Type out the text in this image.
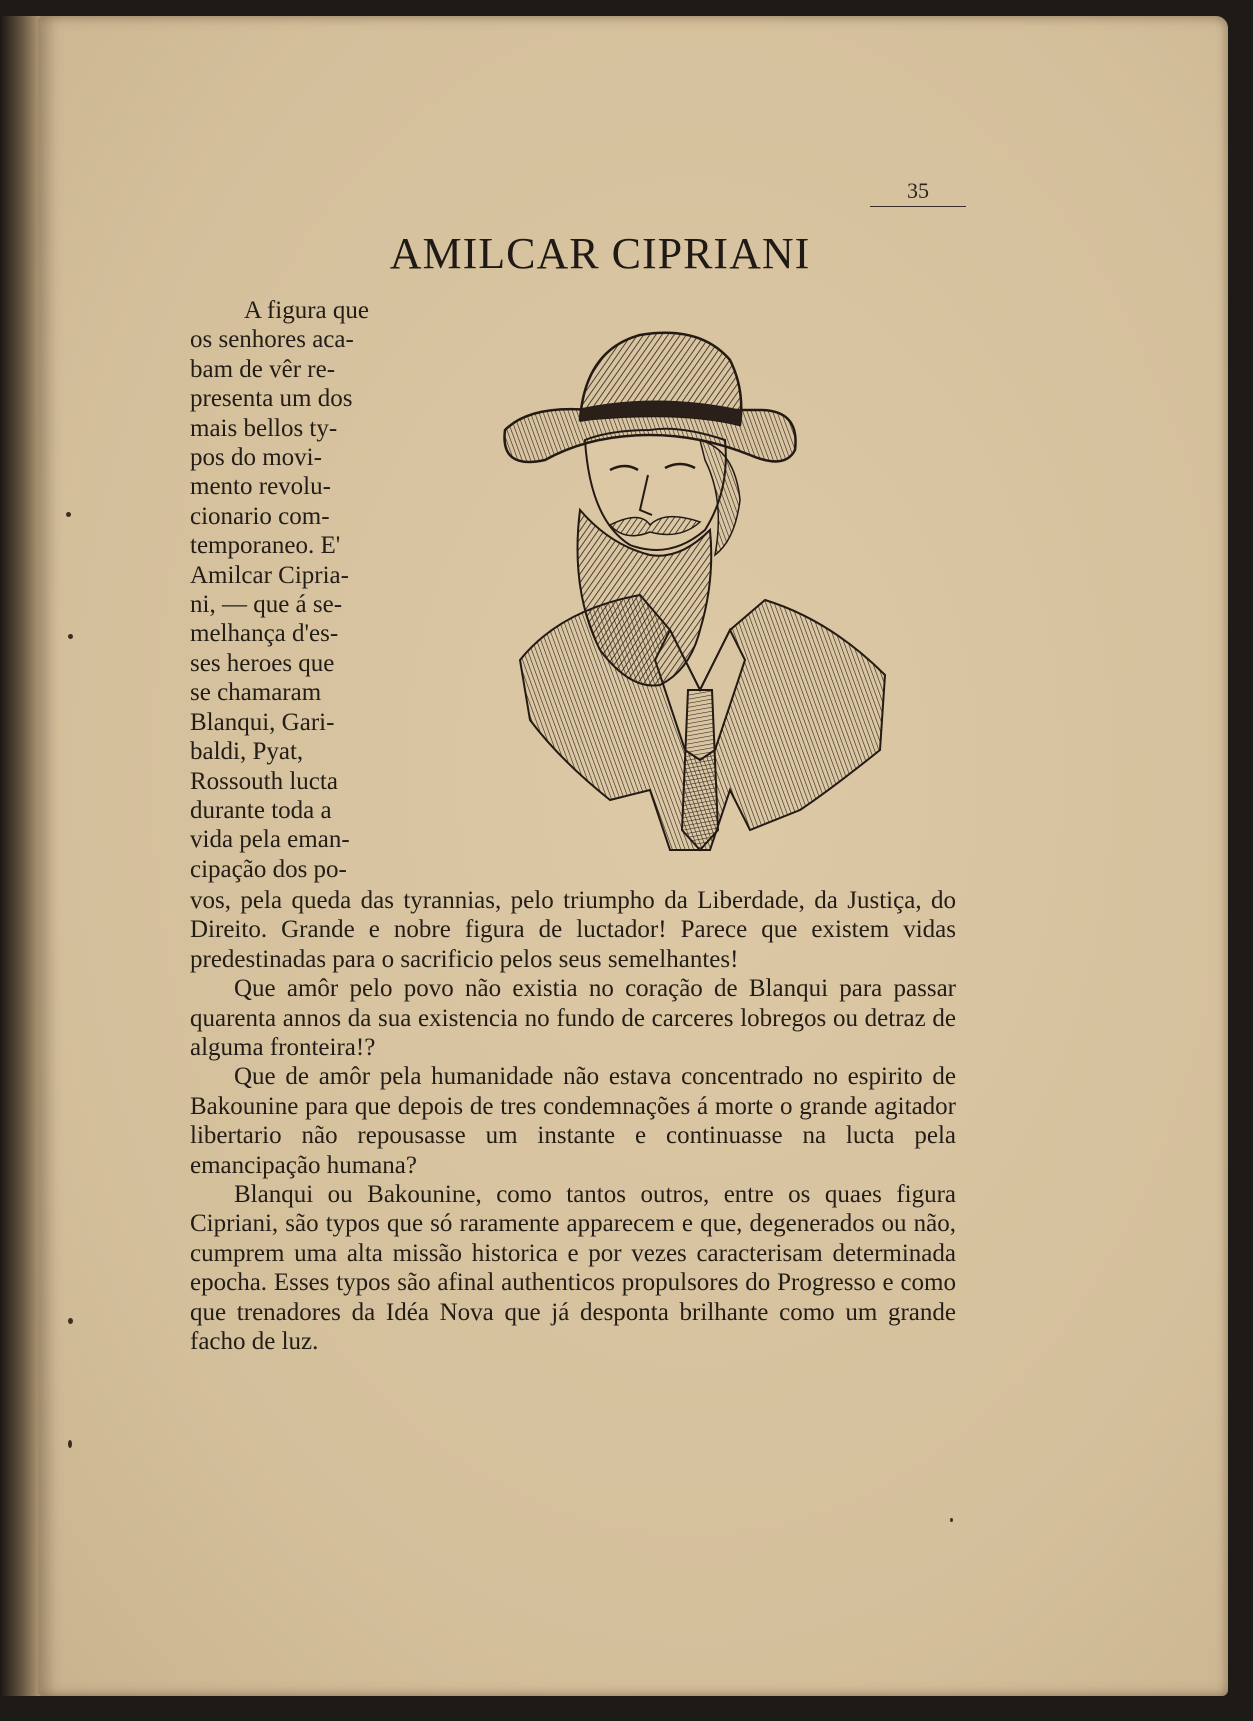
35
AMILCAR CIPRIANI
A figura que
os senhores aca-
bam de vêr re-
presenta um dos
mais bellos ty-
pos do movi-
mento revolu-
cionario com-
temporaneo. E'
Amilcar Cipria-
ni, — que á se-
melhança d'es-
ses heroes que
se chamaram
Blanqui, Gari-
baldi, Pyat,
Rossouth lucta
durante toda a
vida pela eman-
cipação dos po-

vos, pela queda das tyrannias, pelo triumpho da Liberdade, da Justiça, do Direito. Grande e nobre figura de luctador! Parece que existem vidas predestinadas para o sacrificio pelos seus semelhantes!

Que amôr pelo povo não existia no coração de Blanqui para passar quarenta annos da sua existencia no fundo de carceres lobregos ou detraz de alguma fronteira!?

Que de amôr pela humanidade não estava concentrado no espirito de Bakounine para que depois de tres condemnações á morte o grande agitador libertario não repousasse um instante e continuasse na lucta pela emancipação humana?

Blanqui ou Bakounine, como tantos outros, entre os quaes figura Cipriani, são typos que só raramente apparecem e que, degenerados ou não, cumprem uma alta missão historica e por vezes caracterisam determinada epocha. Esses typos são afinal authenticos propulsores do Progresso e como que trenadores da Idéa Nova que já desponta brilhante como um grande facho de luz.
